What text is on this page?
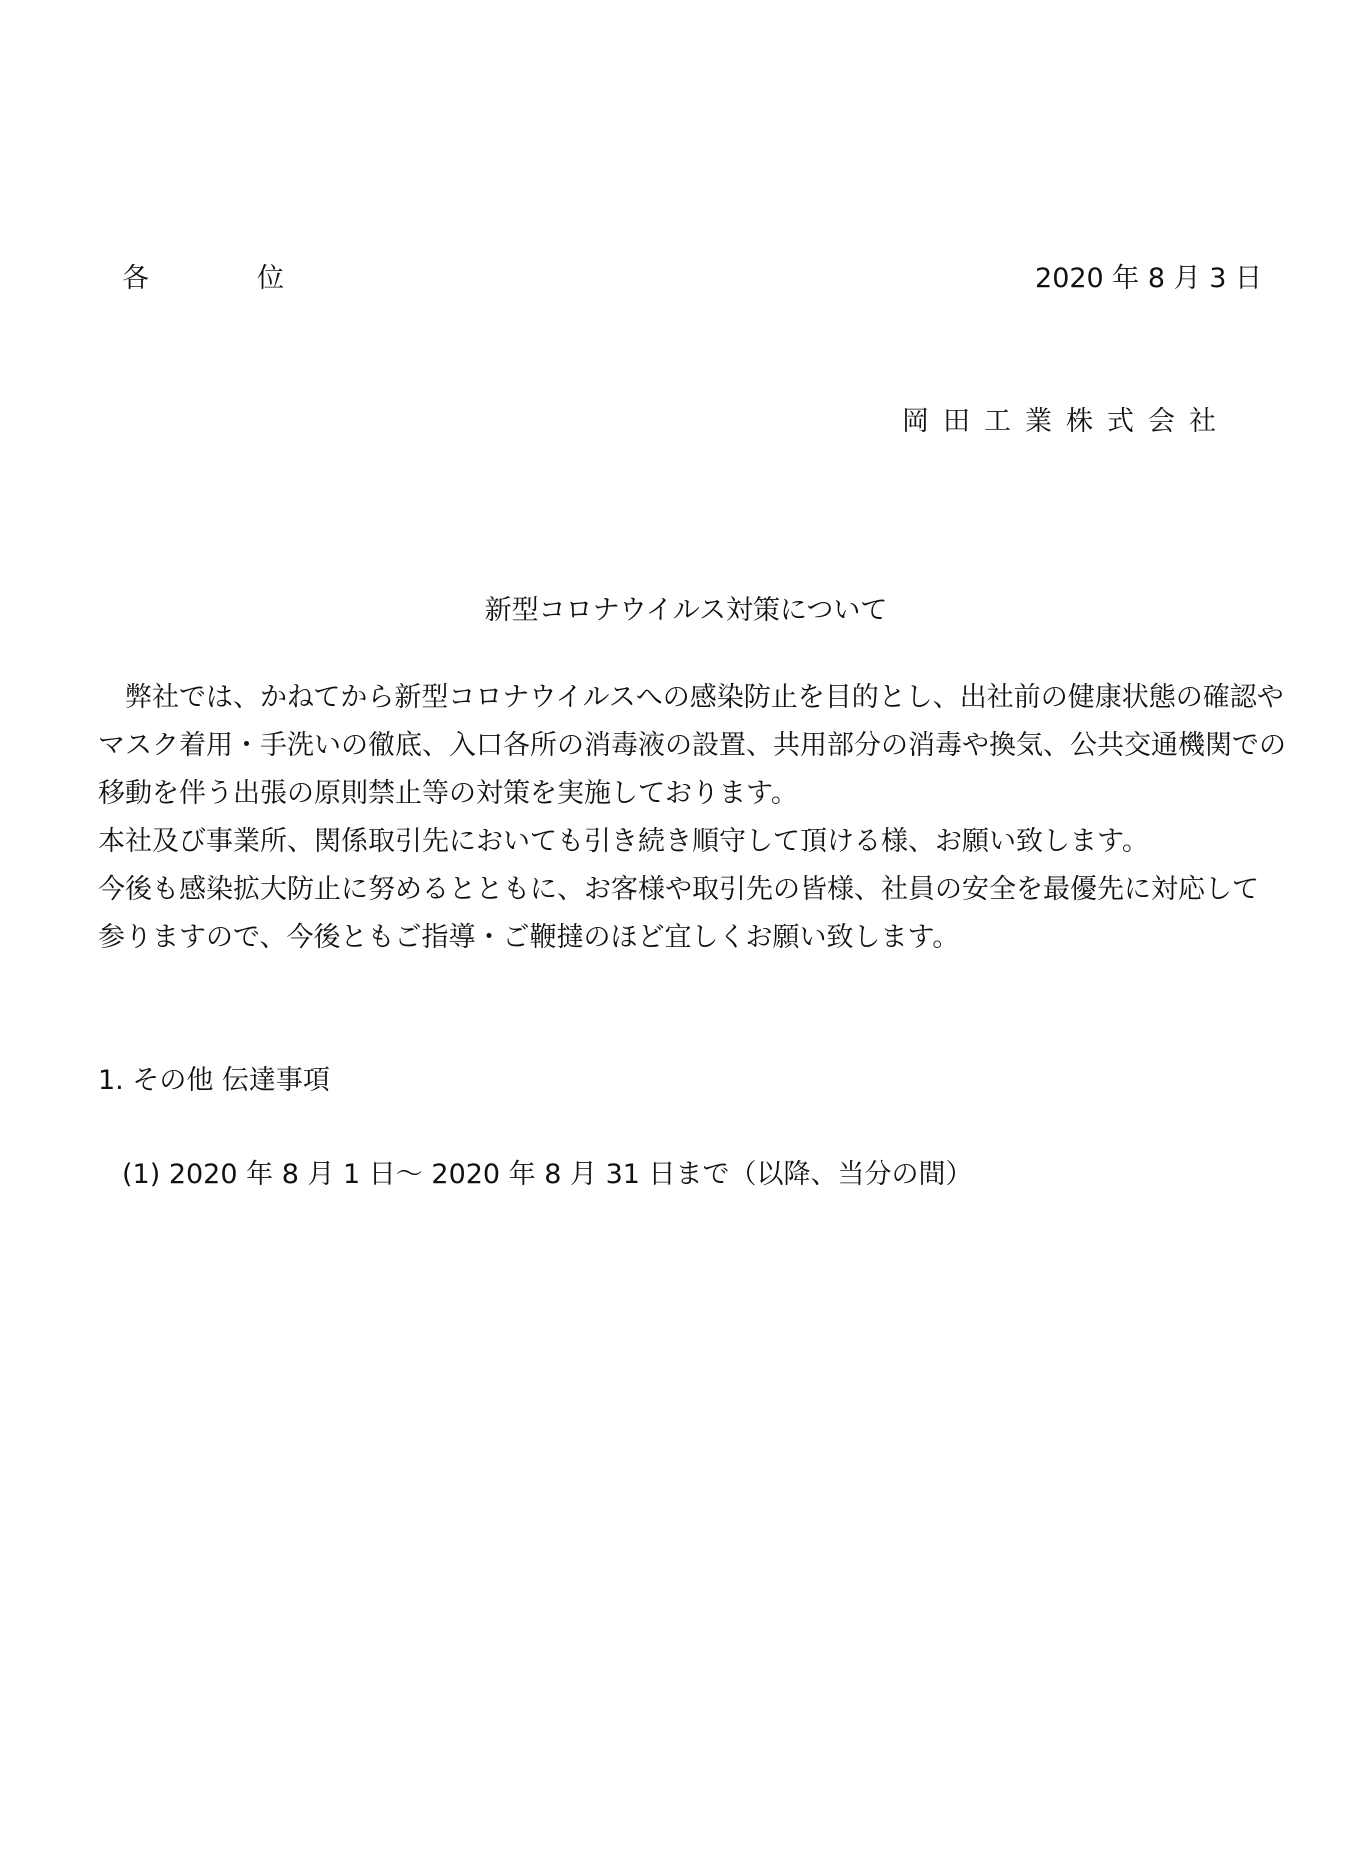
各　　　　位	2020 年 8 月 3 日
岡田工業株式会社
新型コロナウイルス対策について

　弊社では、かねてから新型コロナウイルスへの感染防止を目的とし、出社前の健康状態の確認や

マスク着用・手洗いの徹底、入口各所の消毒液の設置、共用部分の消毒や換気、公共交通機関での

移動を伴う出張の原則禁止等の対策を実施しております。

本社及び事業所、関係取引先においても引き続き順守して頂ける様、お願い致します。

今後も感染拡大防止に努めるとともに、お客様や取引先の皆様、社員の安全を最優先に対応して

参りますので、今後ともご指導・ご鞭撻のほど宜しくお願い致します。

1. その他 伝達事項
(1) 2020 年 8 月 1 日～ 2020 年 8 月 31 日まで（以降、当分の間）
